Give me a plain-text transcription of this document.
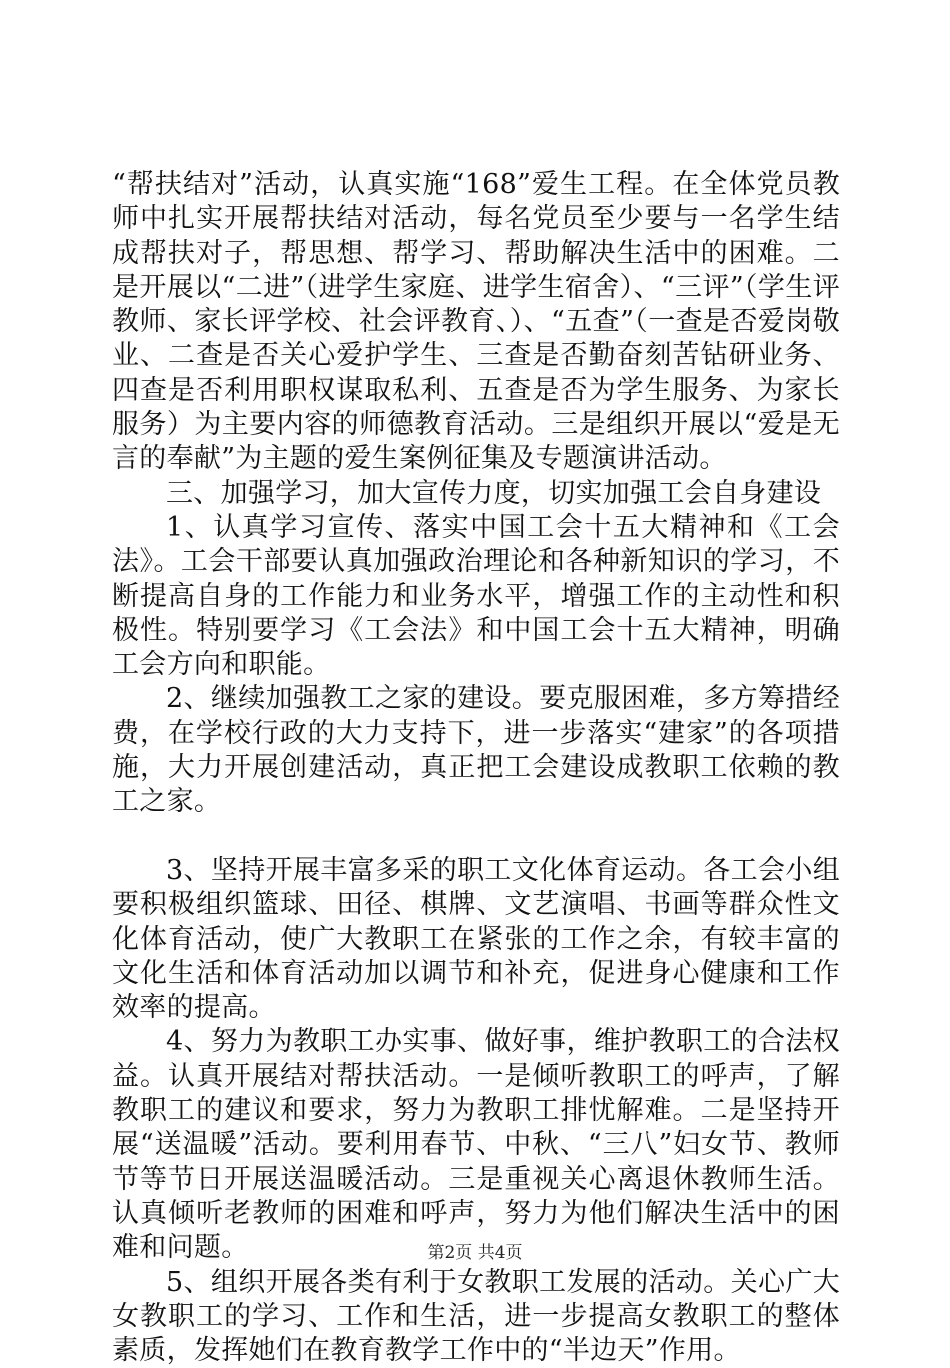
“帮扶结对”活动，认真实施“168”爱生工程。在全体党员教师中扎实开展帮扶结对活动，每名党员至少要与一名学生结成帮扶对子，帮思想、帮学习、帮助解决生活中的困难。二是开展以“二进”（进学生家庭、进学生宿舍）、“三评”（学生评教师、家长评学校、社会评教育、）、“五查”（一查是否爱岗敬业、二查是否关心爱护学生、三查是否勤奋刻苦钻研业务、四查是否利用职权谋取私利、五查是否为学生服务、为家长服务）为主要内容的师德教育活动。三是组织开展以“爱是无言的奉献”为主题的爱生案例征集及专题演讲活动。

三、加强学习，加大宣传力度，切实加强工会自身建设

1、认真学习宣传、落实中国工会十五大精神和《工会法》。工会干部要认真加强政治理论和各种新知识的学习，不断提高自身的工作能力和业务水平，增强工作的主动性和积极性。特别要学习《工会法》和中国工会十五大精神，明确工会方向和职能。

2、继续加强教工之家的建设。要克服困难，多方筹措经费，在学校行政的大力支持下，进一步落实“建家”的各项措施，大力开展创建活动，真正把工会建设成教职工依赖的教工之家。

3、坚持开展丰富多采的职工文化体育运动。各工会小组要积极组织篮球、田径、棋牌、文艺演唱、书画等群众性文化体育活动，使广大教职工在紧张的工作之余，有较丰富的文化生活和体育活动加以调节和补充，促进身心健康和工作效率的提高。

4、努力为教职工办实事、做好事，维护教职工的合法权益。认真开展结对帮扶活动。一是倾听教职工的呼声，了解教职工的建议和要求，努力为教职工排忧解难。二是坚持开展“送温暖”活动。要利用春节、中秋、“三八”妇女节、教师节等节日开展送温暖活动。三是重视关心离退休教师生活。认真倾听老教师的困难和呼声，努力为他们解决生活中的困难和问题。

5、组织开展各类有利于女教职工发展的活动。关心广大女教职工的学习、工作和生活，进一步提高女教职工的整体素质，发挥她们在教育教学工作中的“半边天”作用。

第2页 共4页
